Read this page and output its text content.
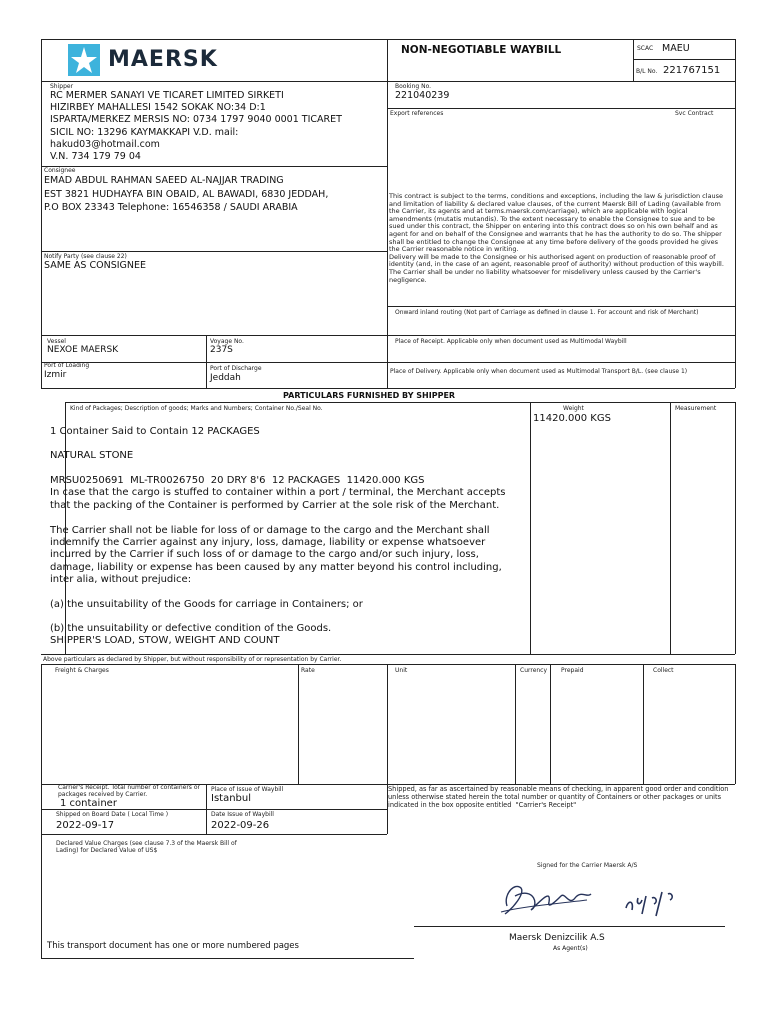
MAERSK	NON-NEGOTIABLE WAYBILL	SCAC MAEU
B/L No. 221767151
Shipper
RC MERMER SANAYI VE TICARET LIMITED SIRKETI
HIZIRBEY MAHALLESI 1542 SOKAK NO:34 D:1
ISPARTA/MERKEZ MERSIS NO: 0734 1797 9040 0001 TICARET
SICIL NO: 13296 KAYMAKKAPI V.D. mail:
hakud03@hotmail.com
V.N. 734 179 79 04
Booking No.
221040239
Export references	Svc Contract
Consignee
EMAD ABDUL RAHMAN SAEED AL-NAJJAR TRADING
EST 3821 HUDHAYFA BIN OBAID, AL BAWADI, 6830 JEDDAH,
P.O BOX 23343 Telephone: 16546358 / SAUDI ARABIA
This contract is subject to the terms, conditions and exceptions, including the law & jurisdiction clause
and limitation of liability & declared value clauses, of the current Maersk Bill of Lading (available from
the Carrier, its agents and at terms.maersk.com/carriage), which are applicable with logical
amendments (mutatis mutandis). To the extent necessary to enable the Consignee to sue and to be
sued under this contract, the Shipper on entering into this contract does so on his own behalf and as
agent for and on behalf of the Consignee and warrants that he has the authority to do so. The shipper
shall be entitled to change the Consignee at any time before delivery of the goods provided he gives
the Carrier reasonable notice in writing.
Delivery will be made to the Consignee or his authorised agent on production of reasonable proof of
identity (and, in the case of an agent, reasonable proof of authority) without production of this waybill.
The Carrier shall be under no liability whatsoever for misdelivery unless caused by the Carrier's
negligence.
Notify Party (see clause 22)
SAME AS CONSIGNEE
Onward inland routing (Not part of Carriage as defined in clause 1. For account and risk of Merchant)
Vessel
NEXOE MAERSK
Voyage No.
237S
Place of Receipt. Applicable only when document used as Multimodal Waybill
Port of Loading
Izmir
Port of Discharge
Jeddah
Place of Delivery. Applicable only when document used as Multimodal Transport B/L. (see clause 1)
PARTICULARS FURNISHED BY SHIPPER
Kind of Packages; Description of goods; Marks and Numbers; Container No./Seal No.	Weight
11420.000 KGS
Measurement
1 Container Said to Contain 12 PACKAGES
NATURAL STONE
MRSU0250691  ML-TR0026750  20 DRY 8'6  12 PACKAGES  11420.000 KGS
In case that the cargo is stuffed to container within a port / terminal, the Merchant accepts
that the packing of the Container is performed by Carrier at the sole risk of the Merchant.
The Carrier shall not be liable for loss of or damage to the cargo and the Merchant shall
indemnify the Carrier against any injury, loss, damage, liability or expense whatsoever
incurred by the Carrier if such loss of or damage to the cargo and/or such injury, loss,
damage, liability or expense has been caused by any matter beyond his control including,
inter alia, without prejudice:
(a) the unsuitability of the Goods for carriage in Containers; or
(b) the unsuitability or defective condition of the Goods.
SHIPPER'S LOAD, STOW, WEIGHT AND COUNT
Above particulars as declared by Shipper, but without responsibility of or representation by Carrier.
Freight & Charges	Rate	Unit	Currency Prepaid	Collect
Carrier's Receipt. Total number of containers or
packages received by Carrier.
1 container
Place of Issue of Waybill
Istanbul
Shipped, as far as ascertained by reasonable means of checking, in apparent good order and condition
unless otherwise stated herein the total number or quantity of Containers or other packages or units
indicated in the box opposite entitled  "Carrier's Receipt"
Shipped on Board Date ( Local Time )
2022-09-17
Date Issue of Waybill
2022-09-26
Declared Value Charges (see clause 7.3 of the Maersk Bill of
Lading) for Declared Value of US$
Signed for the Carrier Maersk A/S
This transport document has one or more numbered pages
Maersk Denizcilik A.S
As Agent(s)
